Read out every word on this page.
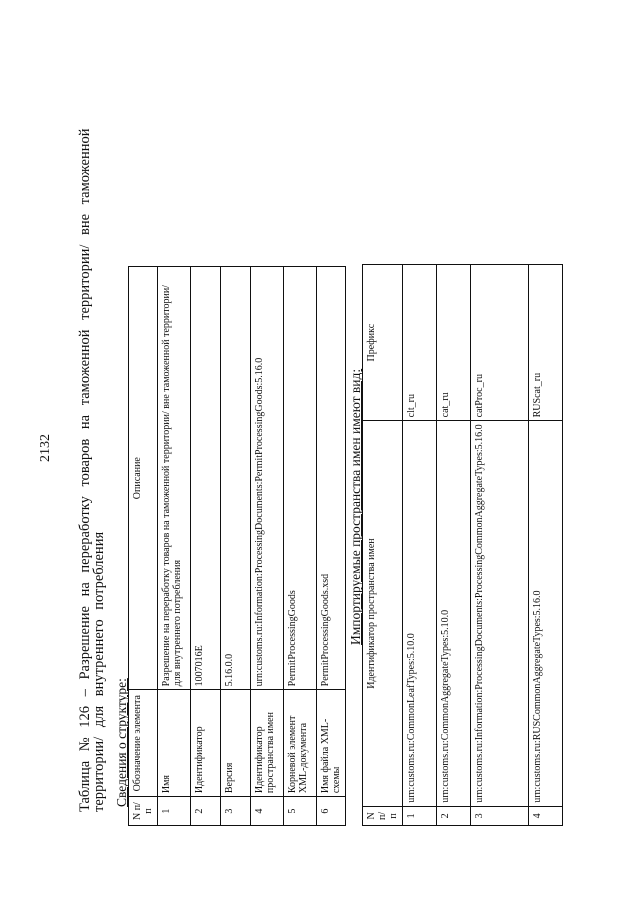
2132 Таблица № 126 – Разрешение на переработку товаров на таможенной территории/ вне таможенной территории/ для внутреннего потребления Сведения о структуре:
N п/п	Обозначение элемента	Описание
1	Имя	Разрешение на переработку товаров на таможенной территории/ вне таможенной территории/ для внутреннего потребления
2	Идентификатор	1007016E
3	Версия	5.16.0.0
4	Идентификатор пространства имен	urn:customs.ru:Information:ProcessingDocuments:PermitProcessingGoods:5.16.0
5	Корневой элемент XML-документа	PermitProcessingGoods
6	Имя файла XML-схемы	PermitProcessingGoods.xsd Импортируемые пространства имен имеют вид:
N п/п	Идентификатор пространства имен	Префикс
1	urn:customs.ru:CommonLeafTypes:5.10.0	clt_ru
2	urn:customs.ru:CommonAggregateTypes:5.10.0	cat_ru
3	urn:customs.ru:Information:ProcessingDocuments:ProcessingCommonAggregateTypes:5.16.0	catProc_ru
4	urn:customs.ru:RUSCommonAggregateTypes:5.16.0	RUScat_ru
